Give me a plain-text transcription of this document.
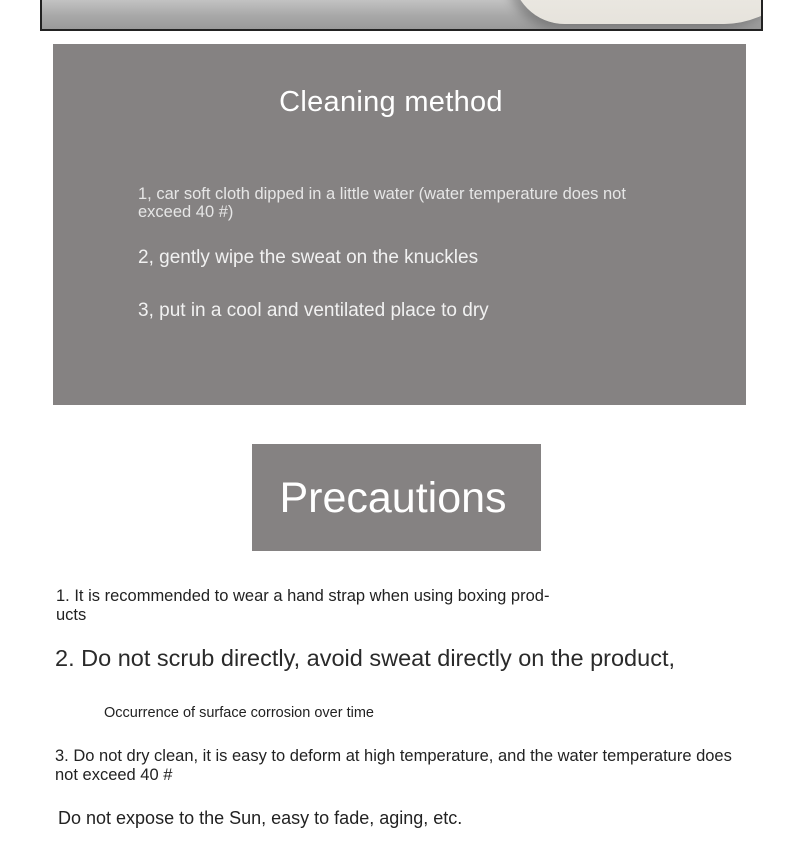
Cleaning method
1, car soft cloth dipped in a little water (water temperature does not exceed 40 #)
2, gently wipe the sweat on the knuckles
3, put in a cool and ventilated place to dry
Precautions
1. It is recommended to wear a hand strap when using boxing prod- ucts
2. Do not scrub directly, avoid sweat directly on the product,
Occurrence of surface corrosion over time
3. Do not dry clean, it is easy to deform at high temperature, and the water temperature does not exceed 40 #
Do not expose to the Sun, easy to fade, aging, etc.
